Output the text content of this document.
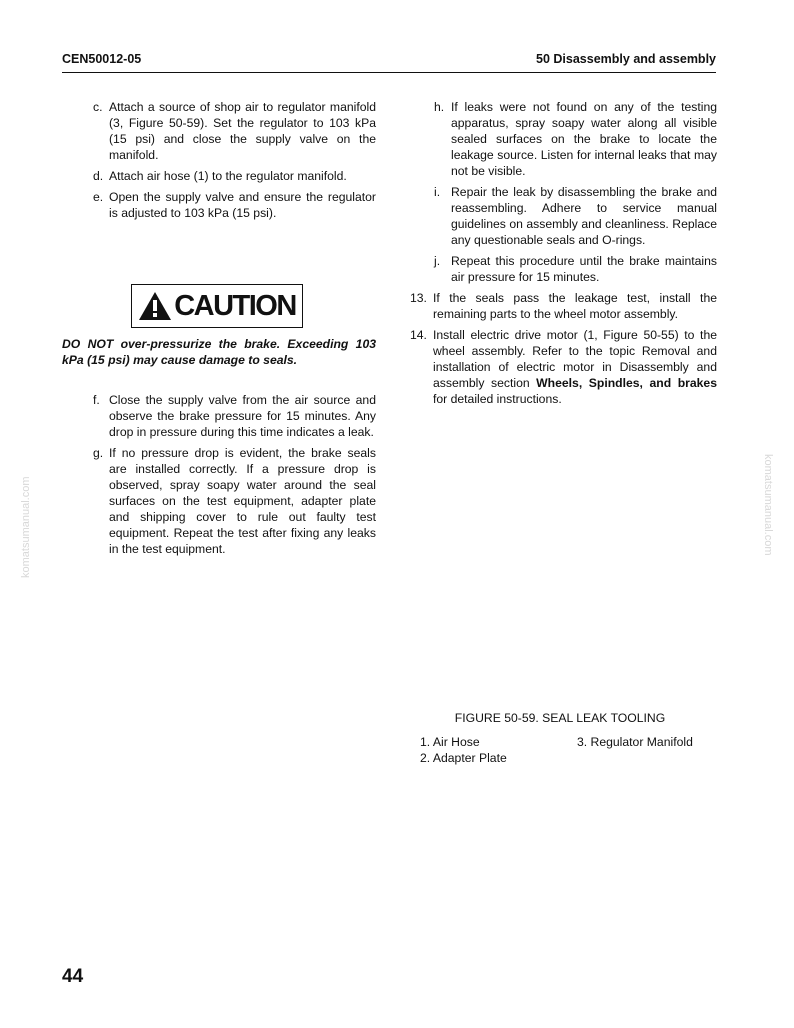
CEN50012-05	50 Disassembly and assembly
c. Attach a source of shop air to regulator manifold (3, Figure 50-59). Set the regulator to 103 kPa (15 psi) and close the supply valve on the manifold.
d. Attach air hose (1) to the regulator manifold.
e. Open the supply valve and ensure the regulator is adjusted to 103 kPa (15 psi).
CAUTION
DO NOT over-pressurize the brake. Exceeding 103 kPa (15 psi) may cause damage to seals.
f. Close the supply valve from the air source and observe the brake pressure for 15 minutes. Any drop in pressure during this time indicates a leak.
g. If no pressure drop is evident, the brake seals are installed correctly. If a pressure drop is observed, spray soapy water around the seal surfaces on the test equipment, adapter plate and shipping cover to rule out faulty test equipment. Repeat the test after fixing any leaks in the test equipment.
h. If leaks were not found on any of the testing apparatus, spray soapy water along all visible sealed surfaces on the brake to locate the leakage source. Listen for internal leaks that may not be visible.
i. Repair the leak by disassembling the brake and reassembling. Adhere to service manual guidelines on assembly and cleanliness. Replace any questionable seals and O-rings.
j. Repeat this procedure until the brake maintains air pressure for 15 minutes.
13. If the seals pass the leakage test, install the remaining parts to the wheel motor assembly.
14. Install electric drive motor (1, Figure 50-55) to the wheel assembly. Refer to the topic Removal and installation of electric motor in Disassembly and assembly section Wheels, Spindles, and brakes for detailed instructions.
komatsumanual.com	komatsumanual.com
FIGURE 50-59. SEAL LEAK TOOLING
1. Air Hose
2. Adapter Plate
3. Regulator Manifold
44
